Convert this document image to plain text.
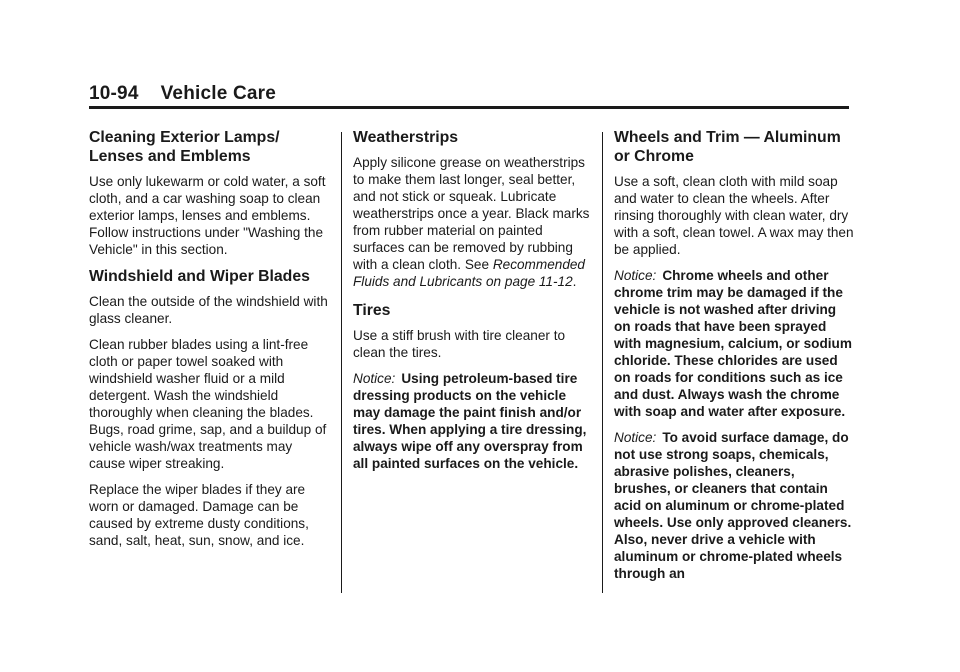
10-94 Vehicle Care
Cleaning Exterior Lamps/ Lenses and Emblems

Use only lukewarm or cold water, a soft cloth, and a car washing soap to clean exterior lamps, lenses and emblems. Follow instructions under "Washing the Vehicle" in this section.

Windshield and Wiper Blades

Clean the outside of the windshield with glass cleaner.

Clean rubber blades using a lint-free cloth or paper towel soaked with windshield washer fluid or a mild detergent. Wash the windshield thoroughly when cleaning the blades. Bugs, road grime, sap, and a buildup of vehicle wash/wax treatments may cause wiper streaking.

Replace the wiper blades if they are worn or damaged. Damage can be caused by extreme dusty conditions, sand, salt, heat, sun, snow, and ice.

Weatherstrips

Apply silicone grease on weatherstrips to make them last longer, seal better, and not stick or squeak. Lubricate weatherstrips once a year. Black marks from rubber material on painted surfaces can be removed by rubbing with a clean cloth. See Recommended Fluids and Lubricants on page 11-12.

Tires

Use a stiff brush with tire cleaner to clean the tires.

Notice: Using petroleum-based tire dressing products on the vehicle may damage the paint finish and/or tires. When applying a tire dressing, always wipe off any overspray from all painted surfaces on the vehicle.

Wheels and Trim — Aluminum or Chrome

Use a soft, clean cloth with mild soap and water to clean the wheels. After rinsing thoroughly with clean water, dry with a soft, clean towel. A wax may then be applied.

Notice: Chrome wheels and other chrome trim may be damaged if the vehicle is not washed after driving on roads that have been sprayed with magnesium, calcium, or sodium chloride. These chlorides are used on roads for conditions such as ice and dust. Always wash the chrome with soap and water after exposure.

Notice: To avoid surface damage, do not use strong soaps, chemicals, abrasive polishes, cleaners, brushes, or cleaners that contain acid on aluminum or chrome-plated wheels. Use only approved cleaners. Also, never drive a vehicle with aluminum or chrome-plated wheels through an
